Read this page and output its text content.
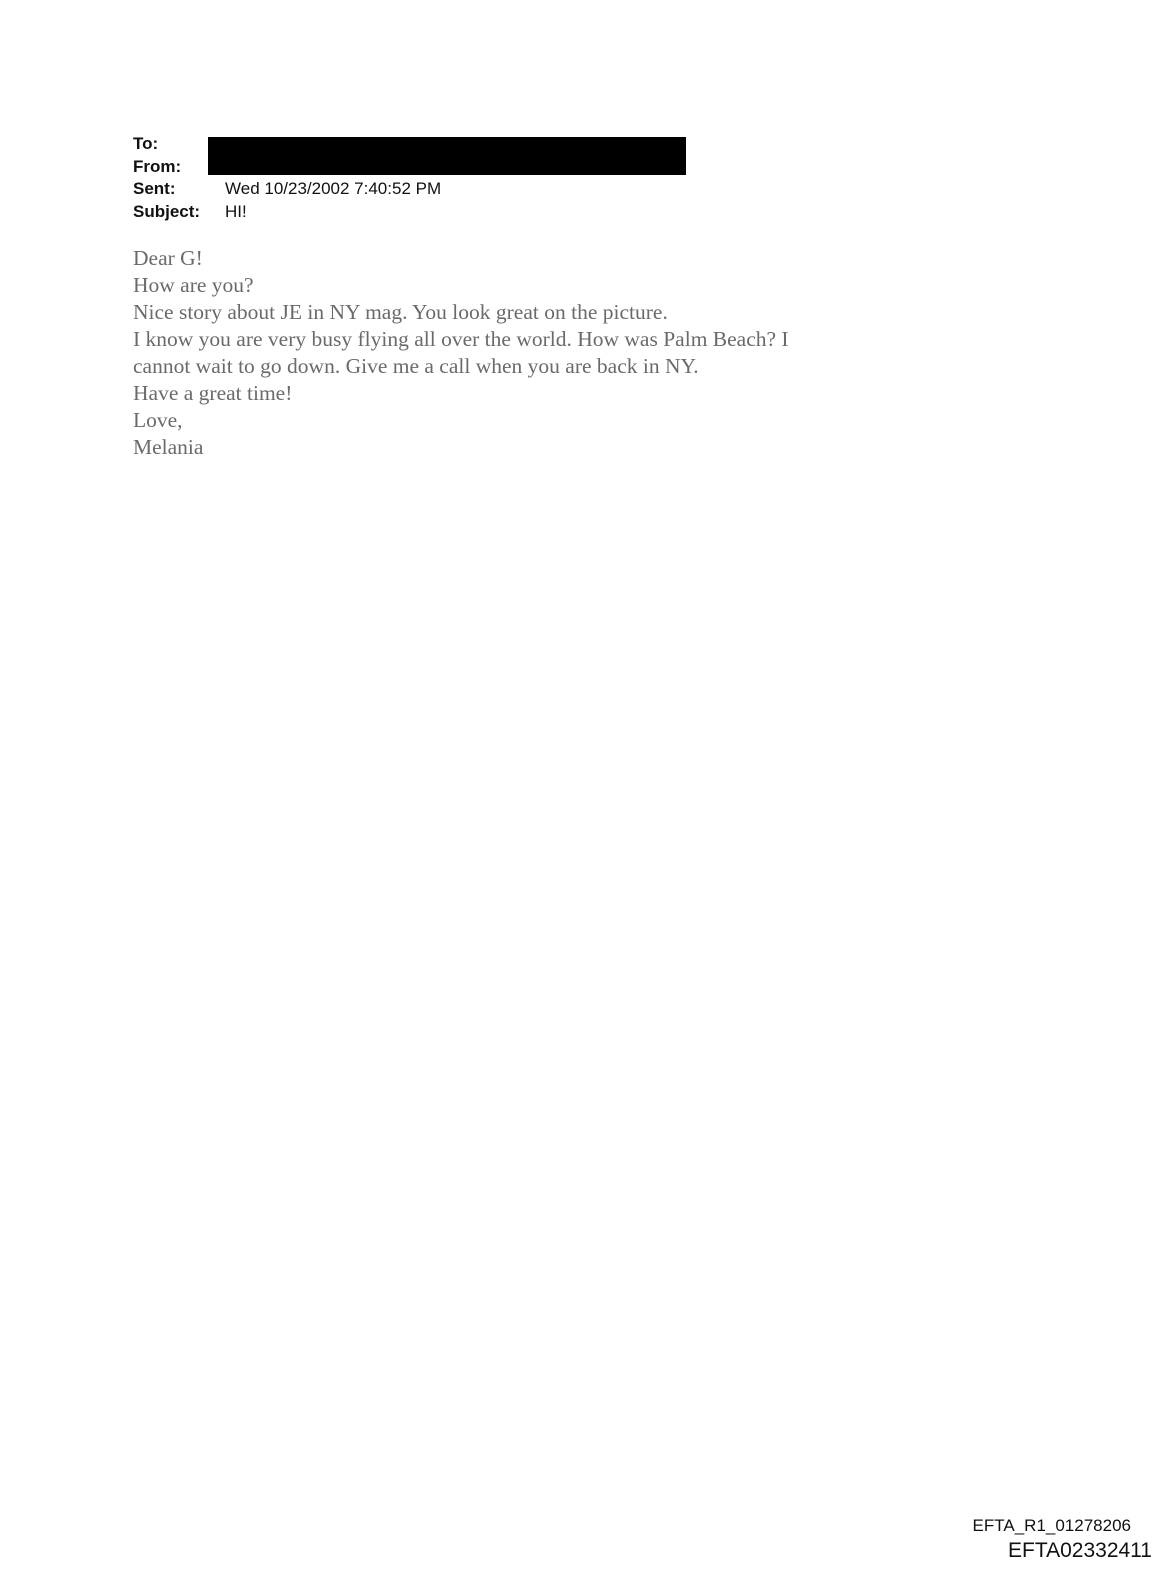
To:
From:
Sent:	Wed 10/23/2002 7:40:52 PM
Subject: HI!
Dear G!
How are you?
Nice story about JE in NY mag. You look great on the picture.
I know you are very busy flying all over the world. How was Palm Beach? I
cannot wait to go down. Give me a call when you are back in NY.
Have a great time!
Love,
Melania
EFTA_R1_01278206
EFTA02332411
